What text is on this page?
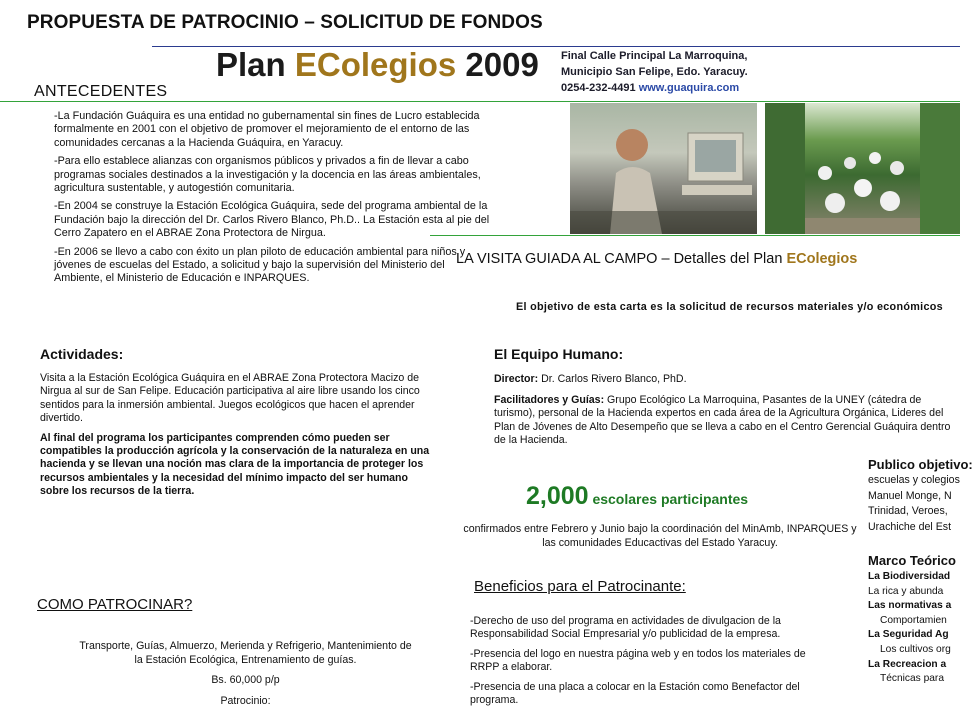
PROPUESTA DE PATROCINIO – SOLICITUD DE FONDOS
Plan EColegios 2009 Final Calle Principal La Marroquina,
Municipio San Felipe, Edo. Yaracuy.
0254-232-4491 www.guaquira.com
ANTECEDENTES

-La Fundación Guáquira es una entidad no gubernamental sin fines de Lucro establecida formalmente en 2001 con el objetivo de promover el mejoramiento de el entorno de las comunidades cercanas a la Hacienda Guáquira, en Yaracuy.

-Para ello establece alianzas con organismos públicos y privados a fin de llevar a cabo programas sociales destinados a la investigación y la docencia en las áreas ambientales, agricultura sustentable, y autogestión comunitaria.

-En 2004 se construye la Estación Ecológica Guáquira, sede del programa ambiental de la Fundación bajo la dirección del Dr. Carlos Rivero Blanco, Ph.D.. La Estación esta al pie del Cerro Zapatero en el ABRAE Zona Protectora de Nirgua.

-En 2006 se llevo a cabo con éxito un plan piloto de educación ambiental para niños y jóvenes de escuelas del Estado, a solicitud y bajo la supervisión del Ministerio del Ambiente, el Ministerio de Educación e INPARQUES.

LA VISITA GUIADA AL CAMPO – Detalles del Plan EColegios
El objetivo de esta carta es la solicitud de recursos materiales y/o económicos
Actividades:

Visita a la Estación Ecológica Guáquira en el ABRAE Zona Protectora Macizo de Nirgua al sur de San Felipe. Educación participativa al aire libre usando los cinco sentidos para la inmersión ambiental. Juegos ecológicos que hacen el aprender divertido.

Al final del programa los participantes comprenden cómo pueden ser compatibles la producción agrícola y la conservación de la naturaleza en una hacienda y se llevan una noción mas clara de la importancia de proteger los recursos ambientales y la necesidad del mínimo impacto del ser humano sobre los recursos de la tierra.

El Equipo Humano:

Director: Dr. Carlos Rivero Blanco, PhD.

Facilitadores y Guías: Grupo Ecológico La Marroquina, Pasantes de la UNEY (cátedra de turismo), personal de la Hacienda expertos en cada área de la Agricultura Orgánica, Lideres del Plan de Jóvenes de Alto Desempeño que se lleva a cabo en el Centro Gerencial Guáquira dentro de la Hacienda.

2,000 escolares participantes
confirmados entre Febrero y Junio bajo la coordinación del MinAmb, INPARQUES y las comunidades Educactivas del Estado Yaracuy.
Publico objetivo:
escuelas y colegios
Manuel Monge, N
Trinidad, Veroes,
Urachiche del Est
Marco Teórico
La Biodiversidad
La rica y abunda
Las normativas a
Comportamien
La Seguridad Ag
Los cultivos org
La Recreacion a
Técnicas para
Beneficios para el Patrocinante:

-Derecho de uso del programa en actividades de divulgacion de la Responsabilidad Social Empresarial y/o publicidad de la empresa.

-Presencia del logo en nuestra página web y en todos los materiales de RRPP a elaborar.

-Presencia de una placa a colocar en la Estación como Benefactor del programa.

COMO PATROCINAR?

Transporte, Guías, Almuerzo, Merienda y Refrigerio, Mantenimiento de la Estación Ecológica, Entrenamiento de guías.

Bs. 60,000 p/p

Patrocinio:
